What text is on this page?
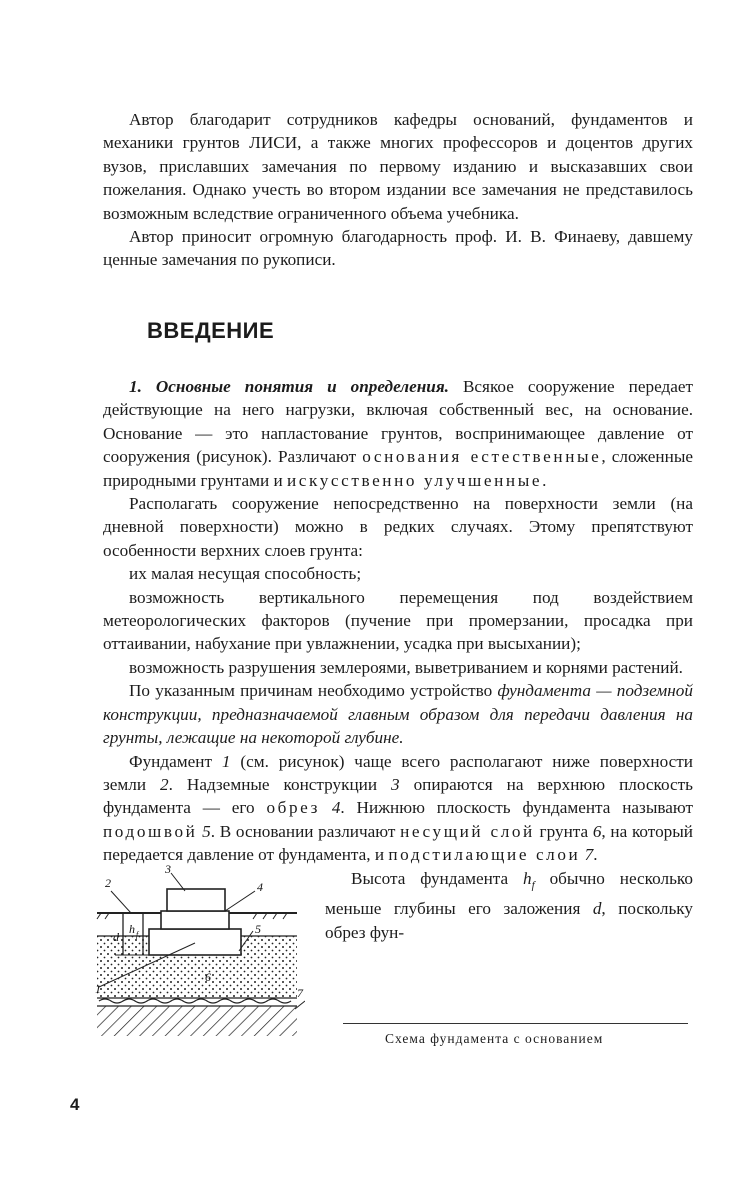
Автор благодарит сотрудников кафедры оснований, фундаментов и механики грунтов ЛИСИ, а также многих профессоров и доцентов других вузов, приславших замечания по первому изданию и высказавших свои пожелания. Однако учесть во втором издании все замечания не представилось возможным вследствие ограниченного объема учебника.

Автор приносит огромную благодарность проф. И. В. Финаеву, давшему ценные замечания по рукописи.

ВВЕДЕНИЕ

1. Основные понятия и определения. Всякое сооружение передает действующие на него нагрузки, включая собственный вес, на основание. Основание — это напластование грунтов, воспринимающее давление от сооружения (рисунок). Различают основания естественные, сложенные природными грунтами и искусственно улучшенные.

Располагать сооружение непосредственно на поверхности земли (на дневной поверхности) можно в редких случаях. Этому препятствуют особенности верхних слоев грунта:

их малая несущая способность;

возможность вертикального перемещения под воздействием метеорологических факторов (пучение при промерзании, просадка при оттаивании, набухание при увлажнении, усадка при высыхании);

возможность разрушения землероями, выветриванием и корнями растений.

По указанным причинам необходимо устройство фундамента — подземной конструкции, предназначаемой главным образом для передачи давления на грунты, лежащие на некоторой глубине.

Фундамент 1 (см. рисунок) чаще всего располагают ниже поверхности земли 2. Надземные конструкции 3 опираются на верхнюю плоскость фундамента — его обрез 4. Нижнюю плоскость фундамента называют подошвой 5. В основании различают несущий слой грунта 6, на который передается давление от фундамента, и подстилающие слои 7.

1
2
3
4
5
6
7
d
h f

Высота фундамента $h_f$ обычно несколько меньше глубины его заложения d, поскольку обрез фун-

Схема фундамента с основанием
4
